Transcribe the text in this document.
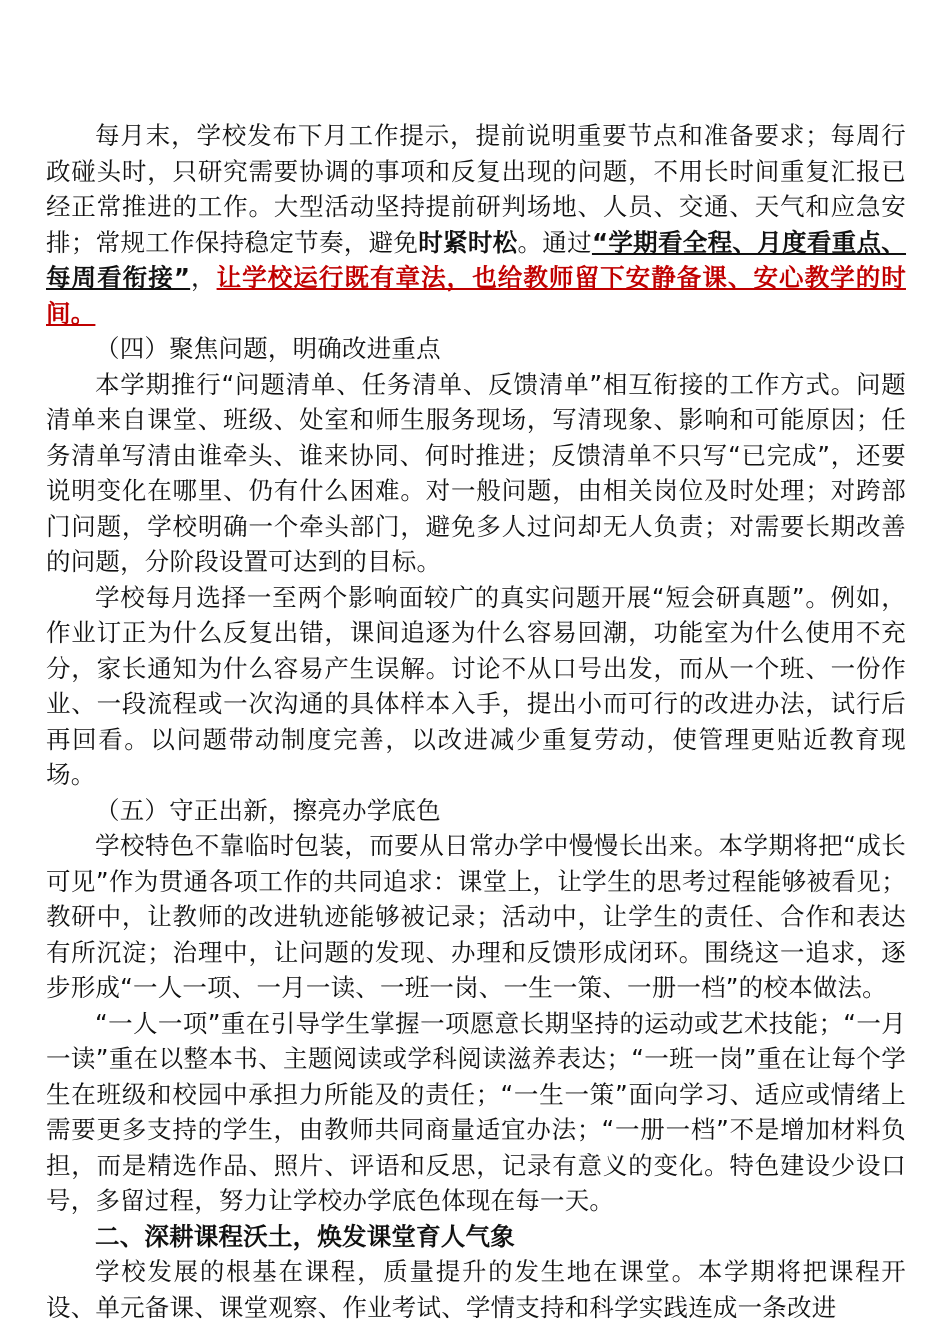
每月末，学校发布下月工作提示，提前说明重要节点和准备要求；每周行政碰头时，只研究需要协调的事项和反复出现的问题，不用长时间重复汇报已经正常推进的工作。大型活动坚持提前研判场地、人员、交通、天气和应急安排；常规工作保持稳定节奏，避免时紧时松。通过“学期看全程、月度看重点、每周看衔接”，让学校运行既有章法，也给教师留下安静备课、安心教学的时间。

（四）聚焦问题，明确改进重点

本学期推行“问题清单、任务清单、反馈清单”相互衔接的工作方式。问题清单来自课堂、班级、处室和师生服务现场，写清现象、影响和可能原因；任务清单写清由谁牵头、谁来协同、何时推进；反馈清单不只写“已完成”，还要说明变化在哪里、仍有什么困难。对一般问题，由相关岗位及时处理；对跨部门问题，学校明确一个牵头部门，避免多人过问却无人负责；对需要长期改善的问题，分阶段设置可达到的目标。

学校每月选择一至两个影响面较广的真实问题开展“短会研真题”。例如，作业订正为什么反复出错，课间追逐为什么容易回潮，功能室为什么使用不充分，家长通知为什么容易产生误解。讨论不从口号出发，而从一个班、一份作业、一段流程或一次沟通的具体样本入手，提出小而可行的改进办法，试行后再回看。以问题带动制度完善，以改进减少重复劳动，使管理更贴近教育现场。

（五）守正出新，擦亮办学底色

学校特色不靠临时包装，而要从日常办学中慢慢长出来。本学期将把“成长可见”作为贯通各项工作的共同追求：课堂上，让学生的思考过程能够被看见；教研中，让教师的改进轨迹能够被记录；活动中，让学生的责任、合作和表达有所沉淀；治理中，让问题的发现、办理和反馈形成闭环。围绕这一追求，逐步形成“一人一项、一月一读、一班一岗、一生一策、一册一档”的校本做法。

“一人一项”重在引导学生掌握一项愿意长期坚持的运动或艺术技能；“一月一读”重在以整本书、主题阅读或学科阅读滋养表达；“一班一岗”重在让每个学生在班级和校园中承担力所能及的责任；“一生一策”面向学习、适应或情绪上需要更多支持的学生，由教师共同商量适宜办法；“一册一档”不是增加材料负担，而是精选作品、照片、评语和反思，记录有意义的变化。特色建设少设口号，多留过程，努力让学校办学底色体现在每一天。

二、深耕课程沃土，焕发课堂育人气象

学校发展的根基在课程，质量提升的发生地在课堂。本学期将把课程开设、单元备课、课堂观察、作业考试、学情支持和科学实践连成一条改进
